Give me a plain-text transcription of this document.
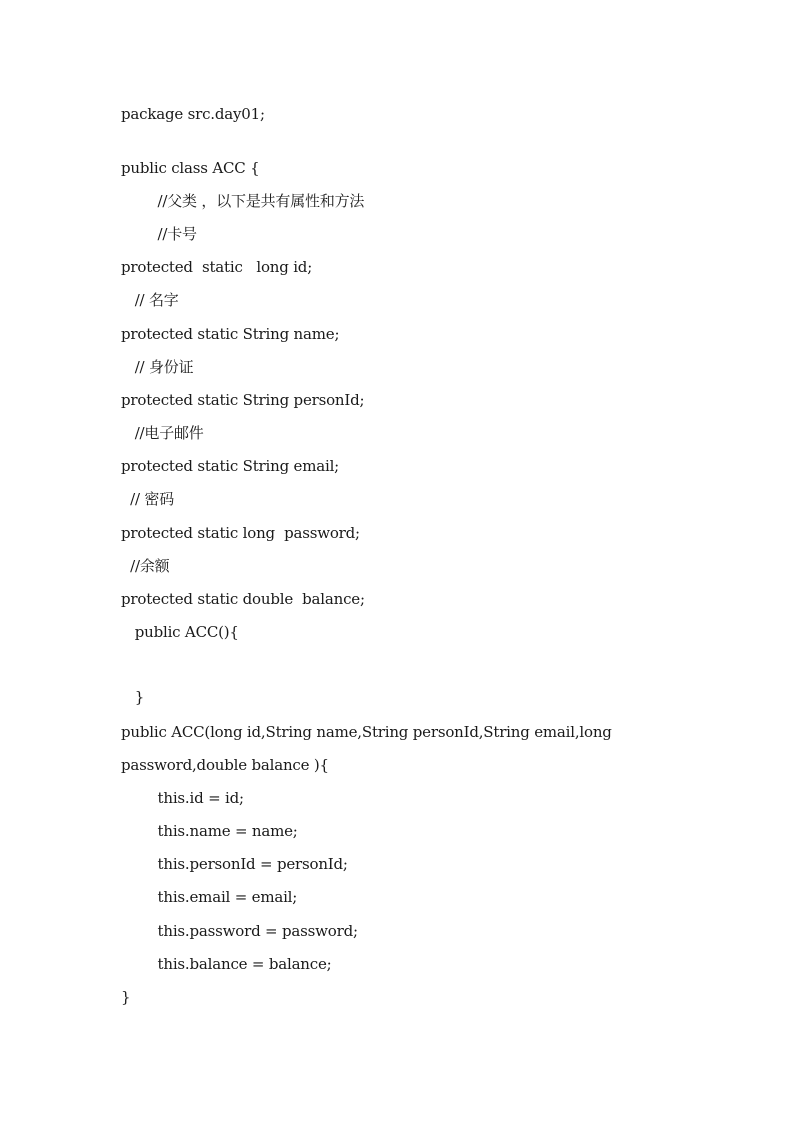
package src.day01;
public class ACC {
//父类 ，以下是共有属性和方法
//卡号
protected  static   long id;
// 名字
protected static String name;
// 身份证
protected static String personId;
//电子邮件
protected static String email;
// 密码
protected static long  password;
//余额
protected static double  balance;
public ACC(){
}
public ACC(long id,String name,String personId,String email,long
password,double balance ){
this.id = id;
this.name = name;
this.personId = personId;
this.email = email;
this.password = password;
this.balance = balance;
}
